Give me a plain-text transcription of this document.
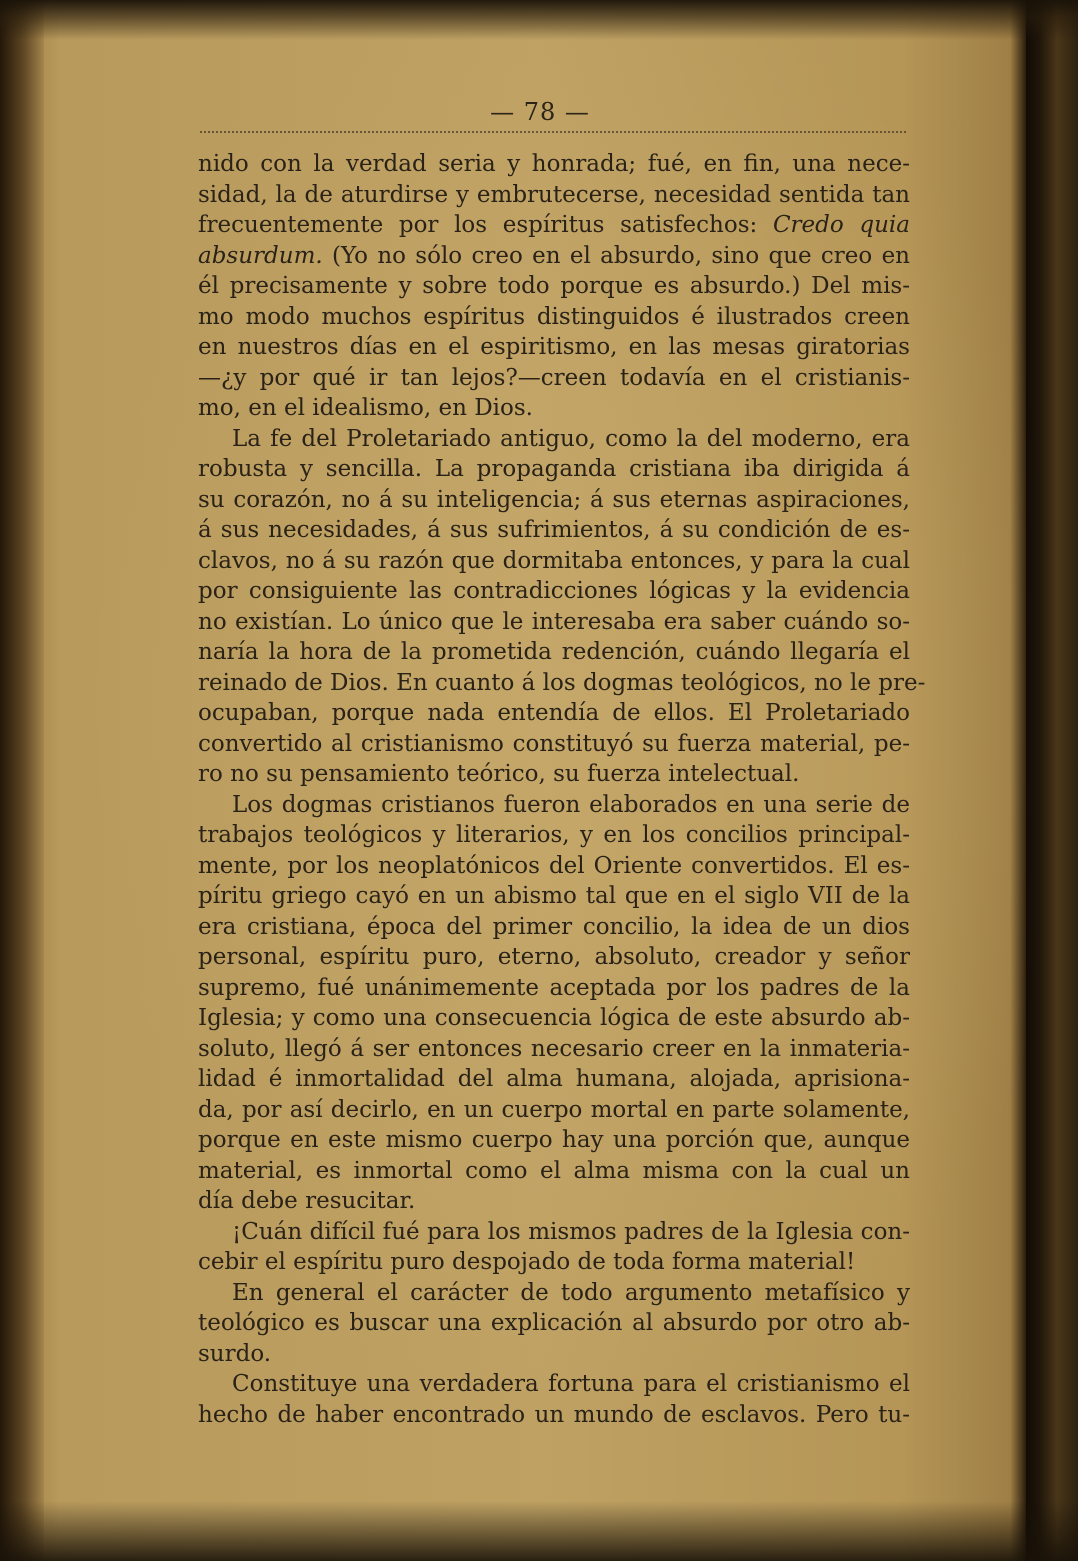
— 78 —
nido con la verdad seria y honrada; fué, en fin, una nece-
sidad, la de aturdirse y embrutecerse, necesidad sentida tan
frecuentemente por los espíritus satisfechos: Credo quia
absurdum. (Yo no sólo creo en el absurdo, sino que creo en
él precisamente y sobre todo porque es absurdo.) Del mis-
mo modo muchos espíritus distinguidos é ilustrados creen
en nuestros días en el espiritismo, en las mesas giratorias
—¿y por qué ir tan lejos?—creen todavía en el cristianis-
mo, en el idealismo, en Dios.
La fe del Proletariado antiguo, como la del moderno, era
robusta y sencilla. La propaganda cristiana iba dirigida á
su corazón, no á su inteligencia; á sus eternas aspiraciones,
á sus necesidades, á sus sufrimientos, á su condición de es-
clavos, no á su razón que dormitaba entonces, y para la cual
por consiguiente las contradicciones lógicas y la evidencia
no existían. Lo único que le interesaba era saber cuándo so-
naría la hora de la prometida redención, cuándo llegaría el
reinado de Dios. En cuanto á los dogmas teológicos, no le pre-
ocupaban, porque nada entendía de ellos. El Proletariado
convertido al cristianismo constituyó su fuerza material, pe-
ro no su pensamiento teórico, su fuerza intelectual.
Los dogmas cristianos fueron elaborados en una serie de
trabajos teológicos y literarios, y en los concilios principal-
mente, por los neoplatónicos del Oriente convertidos. El es-
píritu griego cayó en un abismo tal que en el siglo VII de la
era cristiana, época del primer concilio, la idea de un dios
personal, espíritu puro, eterno, absoluto, creador y señor
supremo, fué unánimemente aceptada por los padres de la
Iglesia; y como una consecuencia lógica de este absurdo ab-
soluto, llegó á ser entonces necesario creer en la inmateria-
lidad é inmortalidad del alma humana, alojada, aprisiona-
da, por así decirlo, en un cuerpo mortal en parte solamente,
porque en este mismo cuerpo hay una porción que, aunque
material, es inmortal como el alma misma con la cual un
día debe resucitar.
¡Cuán difícil fué para los mismos padres de la Iglesia con-
cebir el espíritu puro despojado de toda forma material!
En general el carácter de todo argumento metafísico y
teológico es buscar una explicación al absurdo por otro ab-
surdo.
Constituye una verdadera fortuna para el cristianismo el
hecho de haber encontrado un mundo de esclavos. Pero tu-
